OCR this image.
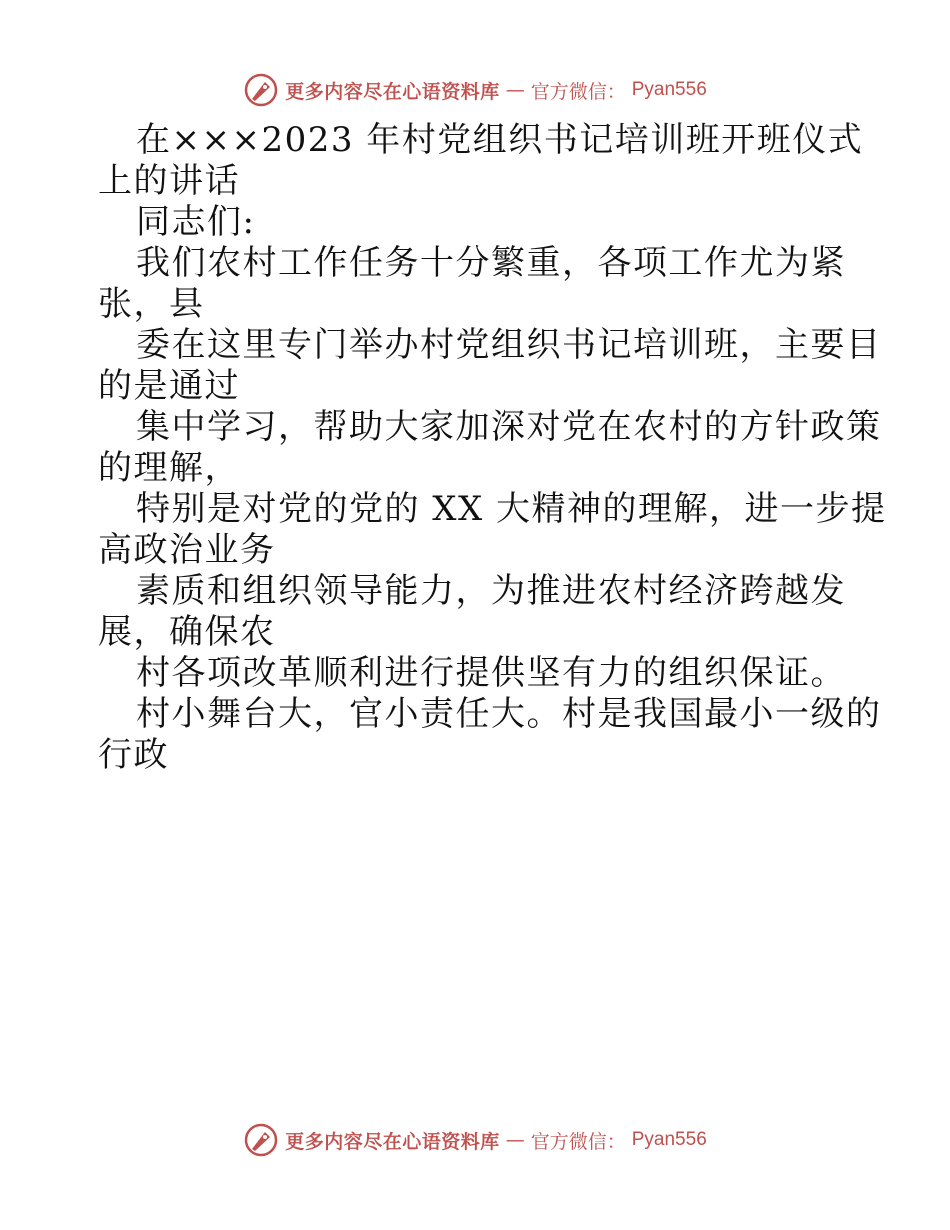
更多内容尽在心语资料库 — 官方微信： Pyan556
在×××2023 年村党组织书记培训班开班仪式
上的讲话
同志们:
我们农村工作任务十分繁重，各项工作尤为紧
张，县
委在这里专门举办村党组织书记培训班，主要目
的是通过
集中学习，帮助大家加深对党在农村的方针政策
的理解，
特别是对党的党的 XX 大精神的理解，进一步提
高政治业务
素质和组织领导能力，为推进农村经济跨越发
展，确保农
村各项改革顺利进行提供坚有力的组织保证。
村小舞台大，官小责任大。村是我国最小一级的
行政
更多内容尽在心语资料库 — 官方微信： Pyan556
